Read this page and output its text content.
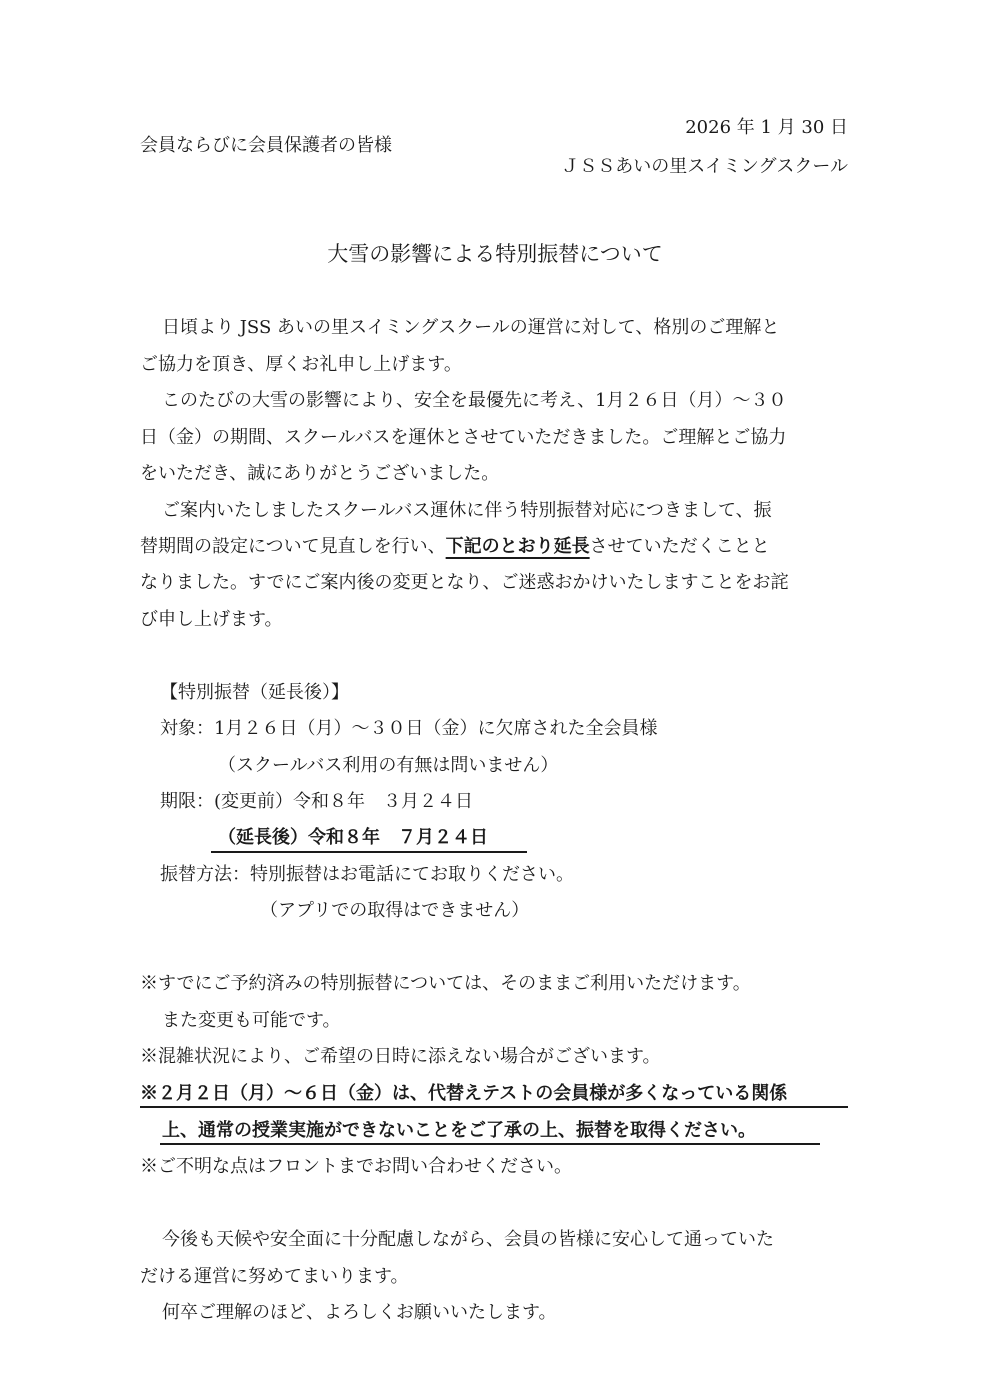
2026 年 1 月 30 日
会員ならびに会員保護者の皆様
ＪＳＳあいの里スイミングスクール
大雪の影響による特別振替について
日頃より JSS あいの里スイミングスクールの運営に対して、格別のご理解と
ご協力を頂き、厚くお礼申し上げます。
このたびの大雪の影響により、安全を最優先に考え、1月２６日（月）～３０
日（金）の期間、スクールバスを運休とさせていただきました。ご理解とご協力
をいただき、誠にありがとうございました。
ご案内いたしましたスクールバス運休に伴う特別振替対応につきまして、振
替期間の設定について見直しを行い、下記のとおり延長させていただくことと
なりました。すでにご案内後の変更となり、ご迷惑おかけいたしますことをお詫
び申し上げます。
【特別振替（延長後）】
対象：1月２６日（月）～３０日（金）に欠席された全会員様
（スクールバス利用の有無は問いません）
期限：(変更前）令和８年　３月２４日
（延長後）令和８年　７月２４日
振替方法：特別振替はお電話にてお取りください。
（アプリでの取得はできません）
※すでにご予約済みの特別振替については、そのままご利用いただけます。
また変更も可能です。
※混雑状況により、ご希望の日時に添えない場合がございます。
※２月２日（月）～６日（金）は、代替えテストの会員様が多くなっている関係
上、通常の授業実施ができないことをご了承の上、振替を取得ください。
※ご不明な点はフロントまでお問い合わせください。
今後も天候や安全面に十分配慮しながら、会員の皆様に安心して通っていた
だける運営に努めてまいります。
何卒ご理解のほど、よろしくお願いいたします。
